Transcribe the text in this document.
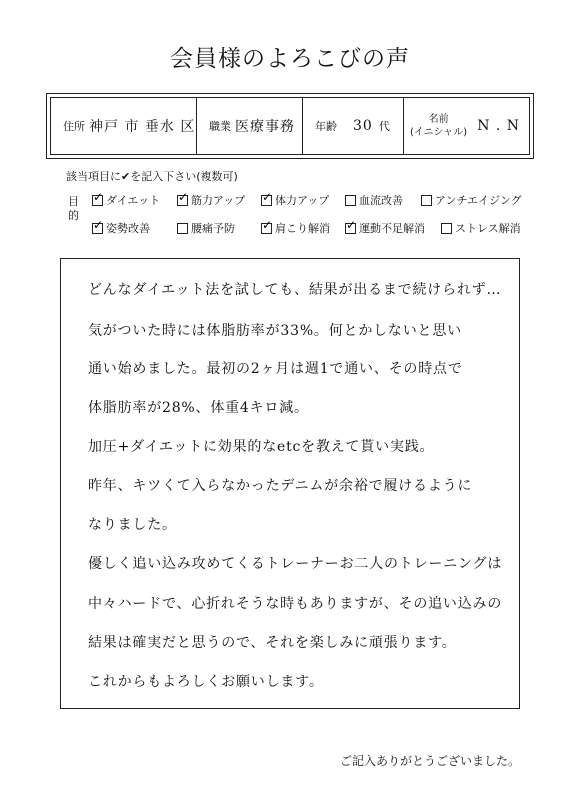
会員様のよろこびの声
住所 神戸 市 垂水 区 職業 医療事務 年齢 30 代
名前
(イニシャル) N . N
該当項目に✔を記入下さい(複数可)
目的
✓
ダイエット ✓	筋力アップ ✓	体力アップ	血流改善	アンチエイジング
✓
姿勢改善	腰痛予防 ✓	肩こり解消 ✓	運動不足解消	ストレス解消
どんなダイエット法を試しても、結果が出るまで続けられず…
気がついた時には体脂肪率が33%。何とかしないと思い
通い始めました。最初の2ヶ月は週1で通い、その時点で
体脂肪率が28%、体重4キロ減。
加圧+ダイエットに効果的なetcを教えて貰い実践。
昨年、キツくて入らなかったデニムが余裕で履けるように
なりました。
優しく追い込み攻めてくるトレーナーお二人のトレーニングは
中々ハードで、心折れそうな時もありますが、その追い込みの
結果は確実だと思うので、それを楽しみに頑張ります。
これからもよろしくお願いします。
ご記入ありがとうございました。
